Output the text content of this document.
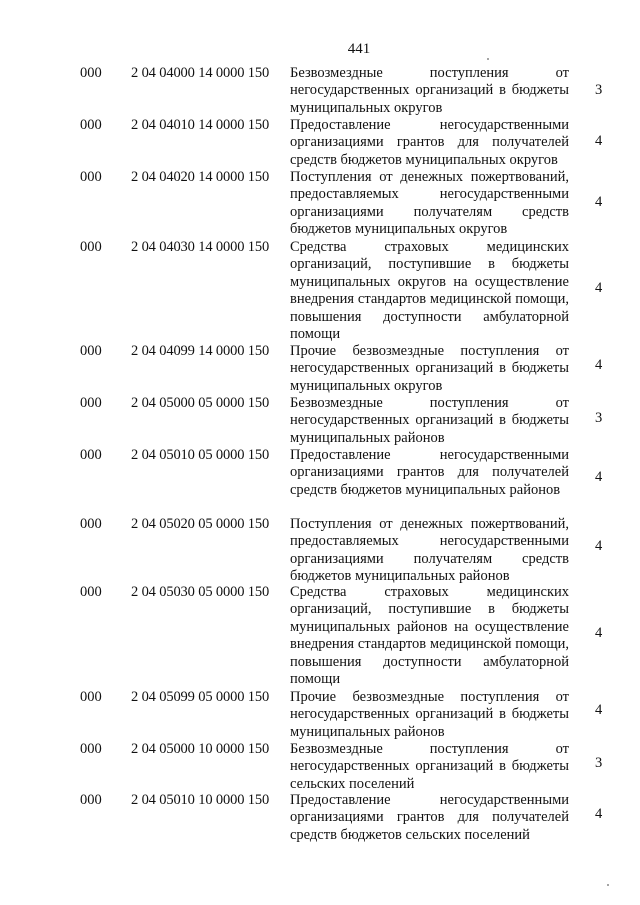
441
000 2 04 04000 14 0000 150 Безвозмездные поступления от негосударственных организаций в бюджеты муниципальных округов
3
000 2 04 04010 14 0000 150 Предоставление негосударственными организациями грантов для получателей средств бюджетов муниципальных округов
4
000 2 04 04020 14 0000 150 Поступления от денежных пожертвований, предоставляемых негосударственными организациями получателям средств бюджетов муниципальных округов
4
000 2 04 04030 14 0000 150 Средства страховых медицинских организаций, поступившие в бюджеты муниципальных округов на осуществление внедрения стандартов медицинской помощи, повышения доступности амбулаторной помощи
4
000 2 04 04099 14 0000 150 Прочие безвозмездные поступления от негосударственных организаций в бюджеты муниципальных округов
4
000 2 04 05000 05 0000 150 Безвозмездные поступления от негосударственных организаций в бюджеты муниципальных районов
3
000 2 04 05010 05 0000 150 Предоставление негосударственными организациями грантов для получателей средств бюджетов муниципальных районов
4
000 2 04 05020 05 0000 150 Поступления от денежных пожертвований, предоставляемых негосударственными организациями получателям средств бюджетов муниципальных районов
4
000 2 04 05030 05 0000 150 Средства страховых медицинских организаций, поступившие в бюджеты муниципальных районов на осуществление внедрения стандартов медицинской помощи, повышения доступности амбулаторной помощи
4
000 2 04 05099 05 0000 150 Прочие безвозмездные поступления от негосударственных организаций в бюджеты муниципальных районов
4
000 2 04 05000 10 0000 150 Безвозмездные поступления от негосударственных организаций в бюджеты сельских поселений
3
000 2 04 05010 10 0000 150 Предоставление негосударственными организациями грантов для получателей средств бюджетов сельских поселений
4
